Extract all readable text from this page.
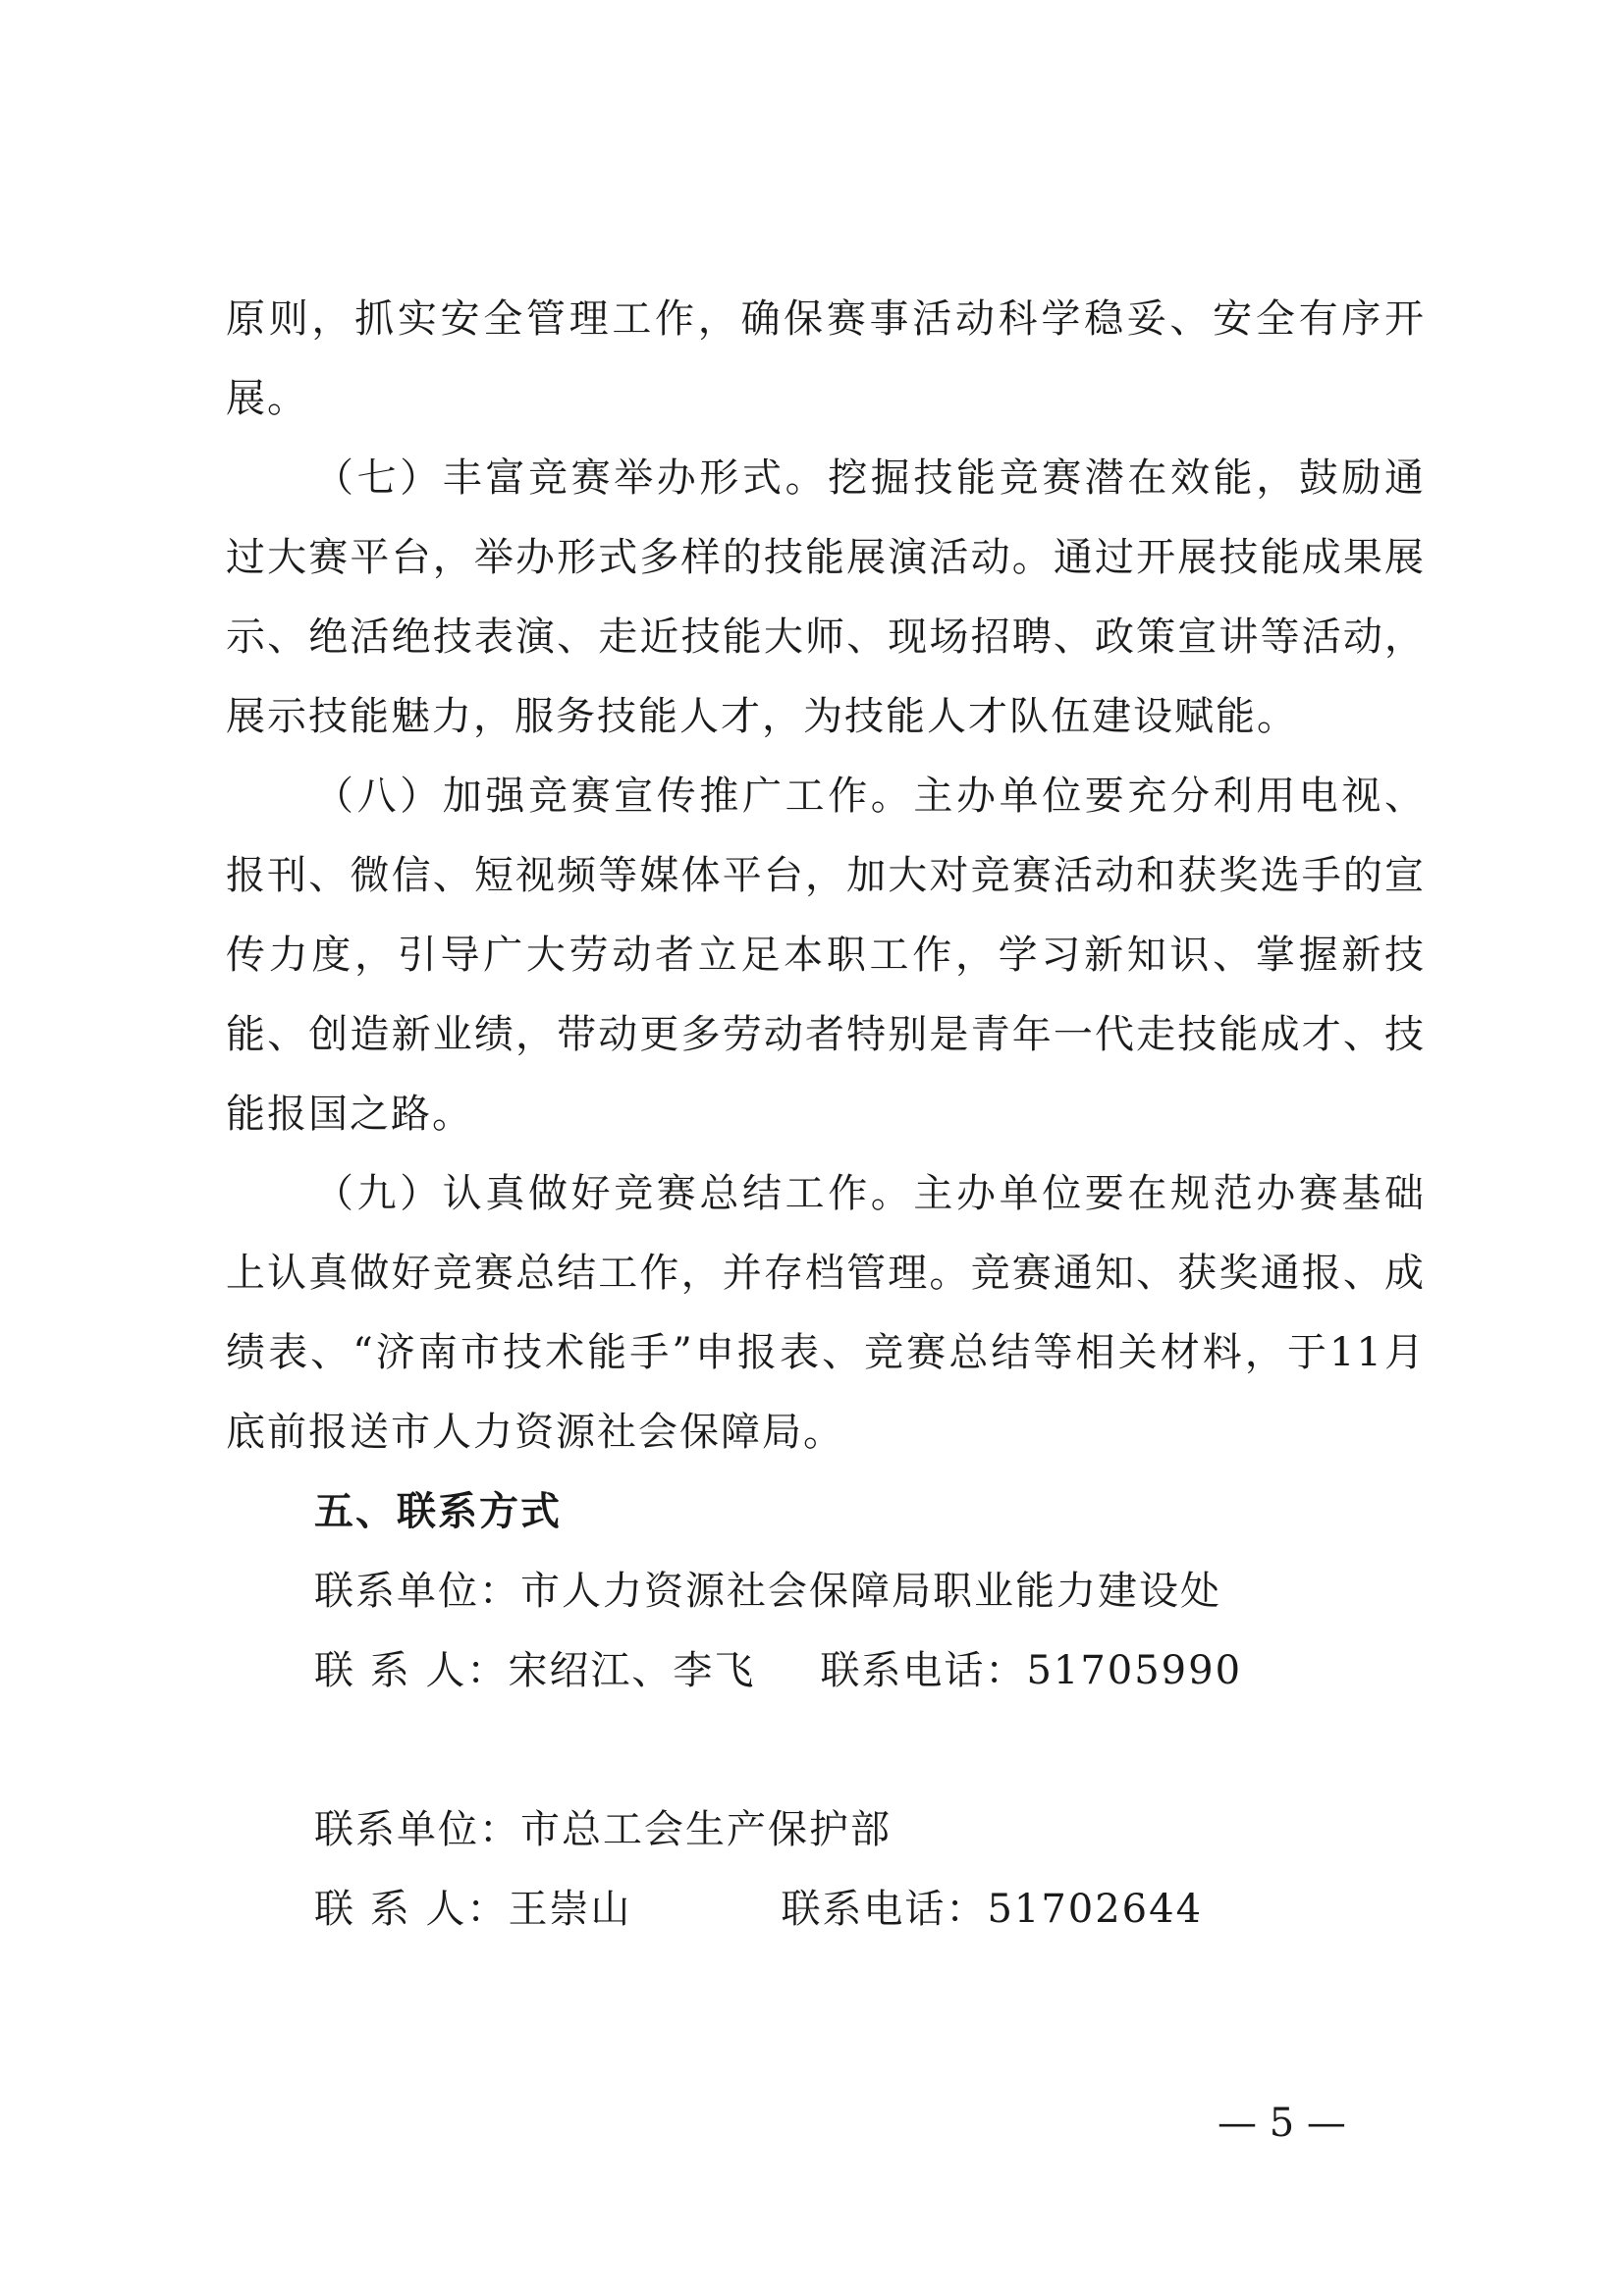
原则，抓实安全管理工作，确保赛事活动科学稳妥、安全有序开展。

（七）丰富竞赛举办形式。挖掘技能竞赛潜在效能，鼓励通过大赛平台，举办形式多样的技能展演活动。通过开展技能成果展示、绝活绝技表演、走近技能大师、现场招聘、政策宣讲等活动，展示技能魅力，服务技能人才，为技能人才队伍建设赋能。

（八）加强竞赛宣传推广工作。主办单位要充分利用电视、报刊、微信、短视频等媒体平台，加大对竞赛活动和获奖选手的宣传力度，引导广大劳动者立足本职工作，学习新知识、掌握新技能、创造新业绩，带动更多劳动者特别是青年一代走技能成才、技能报国之路。

（九）认真做好竞赛总结工作。主办单位要在规范办赛基础上认真做好竞赛总结工作，并存档管理。竞赛通知、获奖通报、成绩表、“济南市技术能手”申报表、竞赛总结等相关材料，于11月底前报送市人力资源社会保障局。

五、联系方式

联系单位：市人力资源社会保障局职业能力建设处

联 系 人：宋绍江、李飞 联系电话：51705990

联系单位：市总工会生产保护部

联 系 人：王崇山	联系电话：51702644

— 5 —
